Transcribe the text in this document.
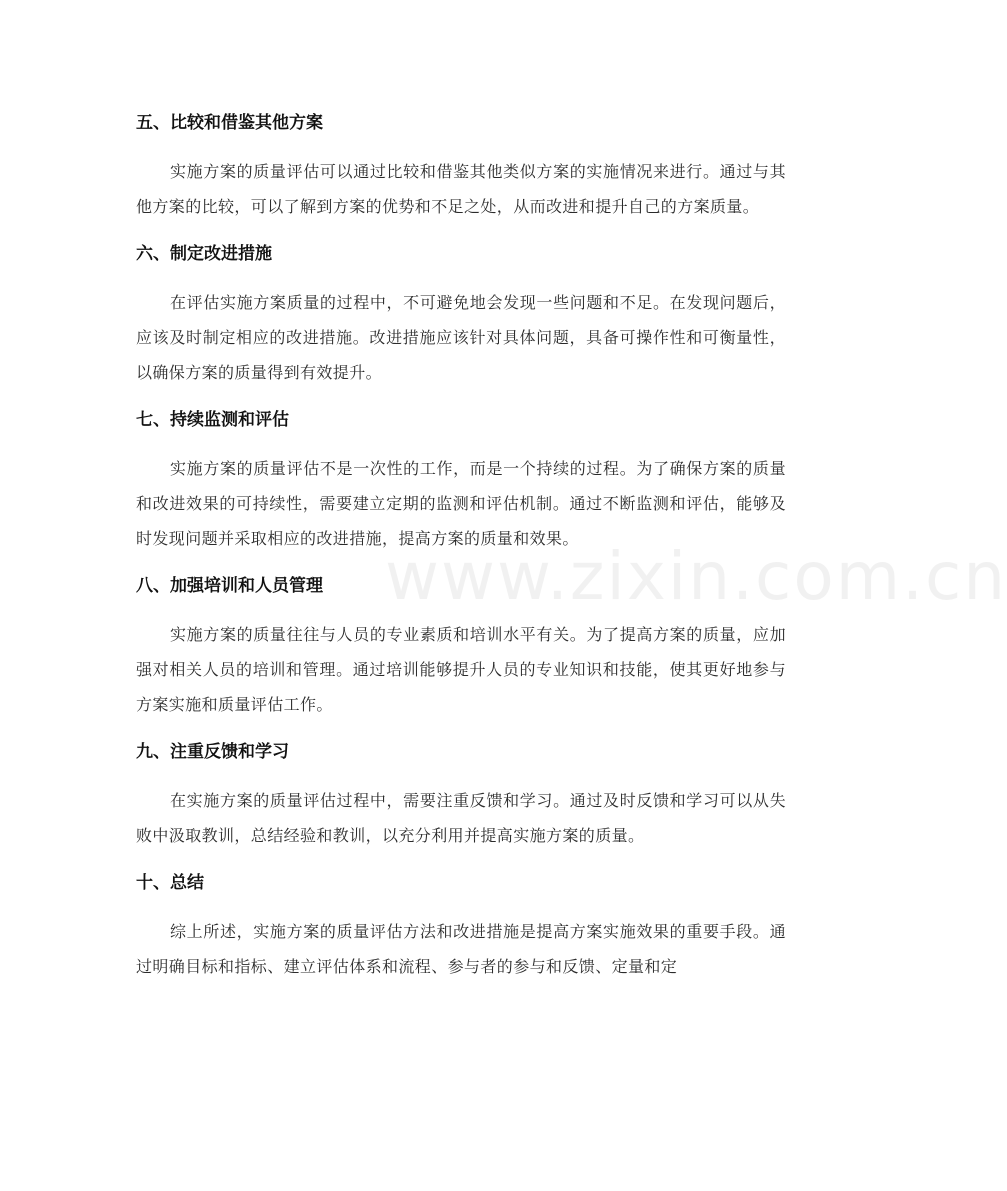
www.zixin.com.cn
五、比较和借鉴其他方案

实施方案的质量评估可以通过比较和借鉴其他类似方案的实施情况来进行。通过与其他方案的比较，可以了解到方案的优势和不足之处，从而改进和提升自己的方案质量。

六、制定改进措施

在评估实施方案质量的过程中，不可避免地会发现一些问题和不足。在发现问题后，应该及时制定相应的改进措施。改进措施应该针对具体问题，具备可操作性和可衡量性，以确保方案的质量得到有效提升。

七、持续监测和评估

实施方案的质量评估不是一次性的工作，而是一个持续的过程。为了确保方案的质量和改进效果的可持续性，需要建立定期的监测和评估机制。通过不断监测和评估，能够及时发现问题并采取相应的改进措施，提高方案的质量和效果。

八、加强培训和人员管理

实施方案的质量往往与人员的专业素质和培训水平有关。为了提高方案的质量，应加强对相关人员的培训和管理。通过培训能够提升人员的专业知识和技能，使其更好地参与方案实施和质量评估工作。

九、注重反馈和学习

在实施方案的质量评估过程中，需要注重反馈和学习。通过及时反馈和学习可以从失败中汲取教训，总结经验和教训，以充分利用并提高实施方案的质量。

十、总结

综上所述，实施方案的质量评估方法和改进措施是提高方案实施效果的重要手段。通过明确目标和指标、建立评估体系和流程、参与者的参与和反馈、定量和定
